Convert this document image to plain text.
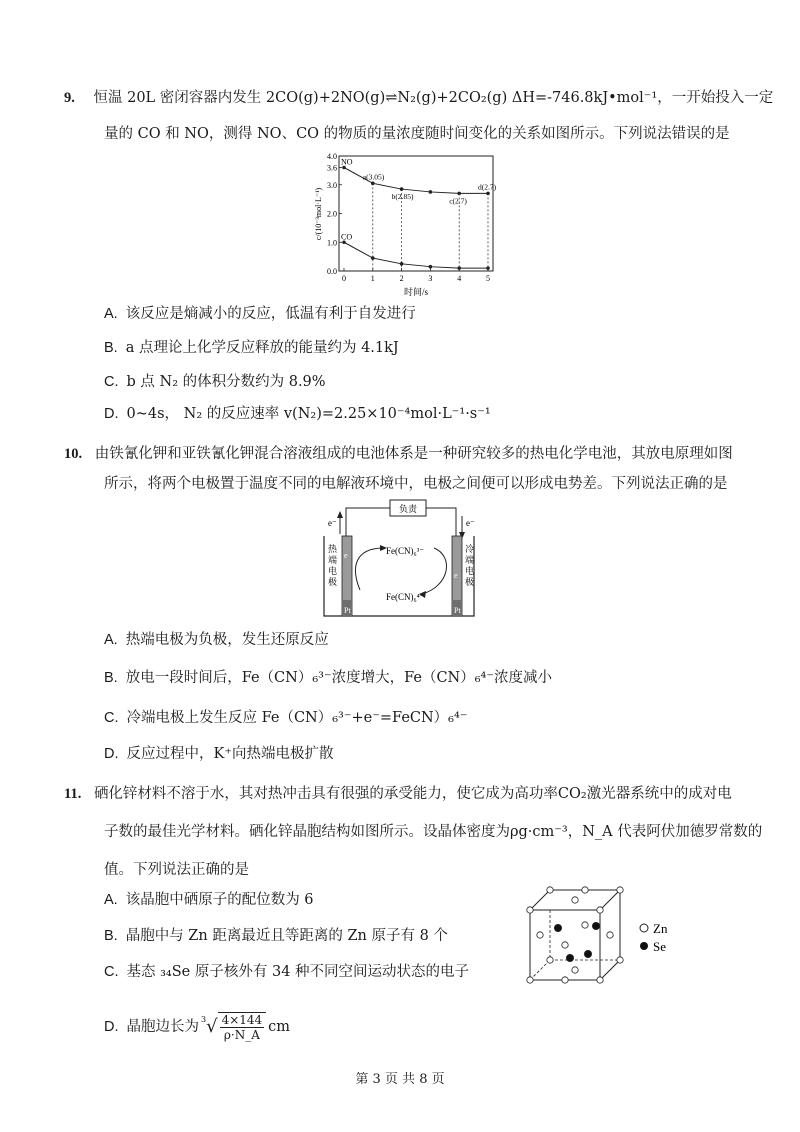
9. 恒温 20L 密闭容器内发生 2CO(g)+2NO(g)⇌N₂(g)+2CO₂(g) ΔH=-746.8kJ•mol⁻¹，一开始投入一定
量的 CO 和 NO，测得 NO、CO 的物质的量浓度随时间变化的关系如图所示。下列说法错误的是
0	1	2	3	4	5
4.0
3.6
3.0
2.0
1.0
0.0
NO
CO
a(3.05)
b(2.85)	c(2.7)
d(2.7)
时间/s
c/(10⁻³mol·L⁻¹)
A. 该反应是熵减小的反应，低温有利于自发进行
B. a 点理论上化学反应释放的能量约为 4.1kJ
C. b 点 N₂ 的体积分数约为 8.9%
D. 0~4s， N₂ 的反应速率 v(N₂)=2.25×10⁻⁴mol·L⁻¹·s⁻¹
10. 由铁氰化钾和亚铁氰化钾混合溶液组成的电池体系是一种研究较多的热电化学电池，其放电原理如图
所示，将两个电极置于温度不同的电解液环境中，电极之间便可以形成电势差。下列说法正确的是
负责
e⁻	e⁻
Pt	Pt
e
e
热端电极
冷端电极
Fe(CN)₆³⁻
Fe(CN)₆⁴⁻
A. 热端电极为负极，发生还原反应
B. 放电一段时间后，Fe（CN）₆³⁻浓度增大，Fe（CN）₆⁴⁻浓度减小
C. 冷端电极上发生反应 Fe（CN）₆³⁻+e⁻=FeCN）₆⁴⁻
D. 反应过程中，K⁺向热端电极扩散
11. 硒化锌材料不溶于水，其对热冲击具有很强的承受能力，使它成为高功率CO₂激光器系统中的成对电
子数的最佳光学材料。硒化锌晶胞结构如图所示。设晶体密度为ρg·cm⁻³，N_A 代表阿伏加德罗常数的
值。下列说法正确的是
A. 该晶胞中硒原子的配位数为 6
B. 晶胞中与 Zn 距离最近且等距离的 Zn 原子有 8 个
C. 基态 ₃₄Se 原子核外有 34 种不同空间运动状态的电子
D. 晶胞边长为 3 √ $\frac{4\times 144}{\rho\cdot N\_A}$ cm
Zn
Se
第 3 页 共 8 页
